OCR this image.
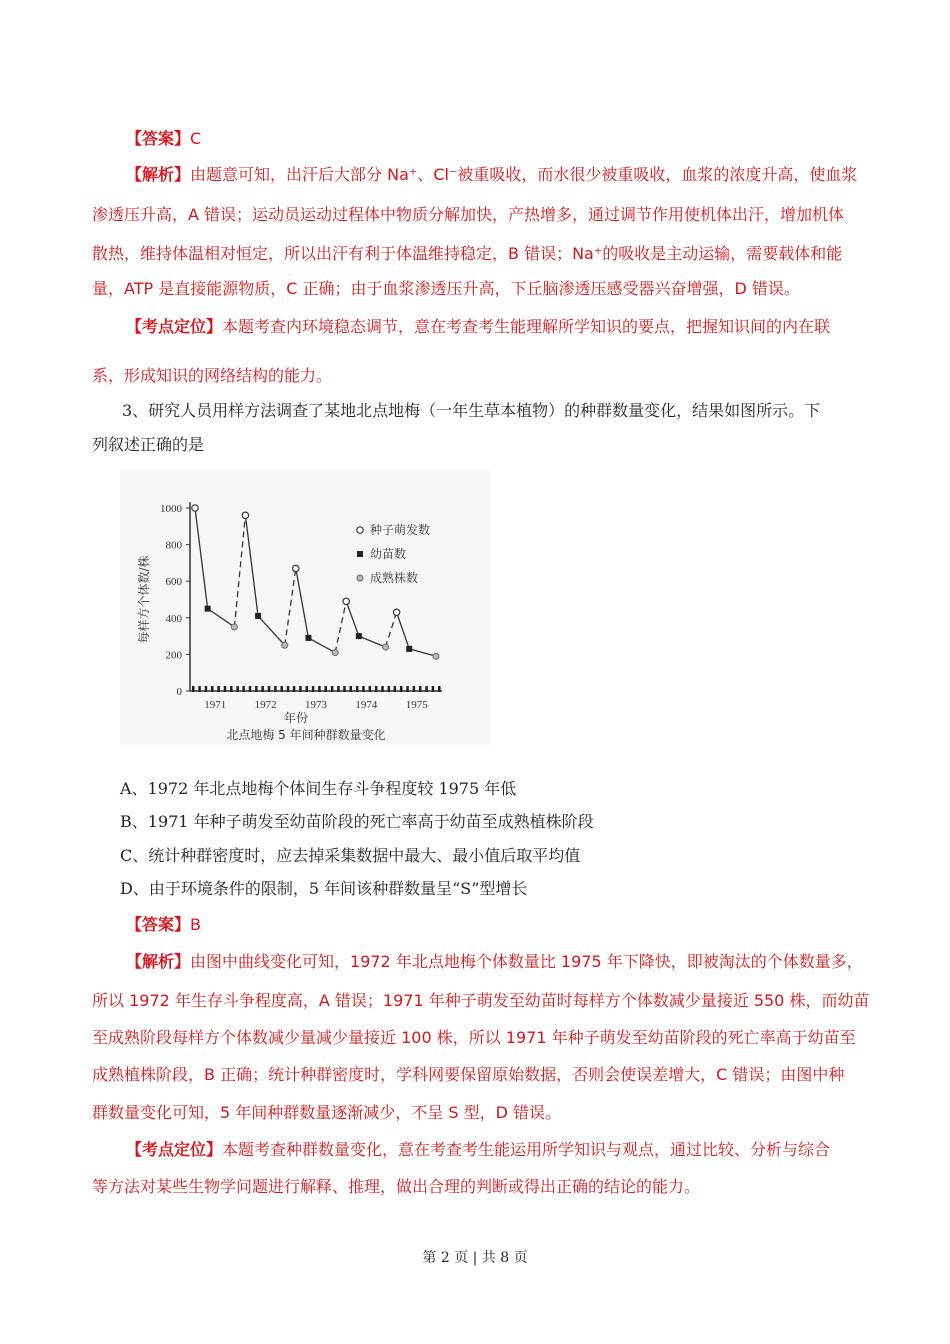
【答案】C
【解析】由题意可知，出汗后大部分 Na⁺、Cl⁻被重吸收，而水很少被重吸收，血浆的浓度升高，使血浆
渗透压升高，A 错误；运动员运动过程体中物质分解加快，产热增多，通过调节作用使机体出汗，增加机体
散热，维持体温相对恒定，所以出汗有利于体温维持稳定，B 错误；Na⁺的吸收是主动运输，需要载体和能
量，ATP 是直接能源物质，C 正确；由于血浆渗透压升高，下丘脑渗透压感受器兴奋增强，D 错误。
【考点定位】本题考查内环境稳态调节，意在考查考生能理解所学知识的要点，把握知识间的内在联
系，形成知识的网络结构的能力。
3、研究人员用样方法调查了某地北点地梅（一年生草本植物）的种群数量变化，结果如图所示。下
列叙述正确的是
0
200
400
600
800
1000
1971	1972	1973	1974	1975
每样方个体数/株
年份
北点地梅 5 年间种群数量变化
种子萌发数
幼苗数
成熟株数
A、1972 年北点地梅个体间生存斗争程度较 1975 年低
B、1971 年种子萌发至幼苗阶段的死亡率高于幼苗至成熟植株阶段
C、统计种群密度时，应去掉采集数据中最大、最小值后取平均值
D、由于环境条件的限制，5 年间该种群数量呈“S”型增长
【答案】B
【解析】由图中曲线变化可知，1972 年北点地梅个体数量比 1975 年下降快，即被淘汰的个体数量多，
所以 1972 年生存斗争程度高，A 错误；1971 年种子萌发至幼苗时每样方个体数减少量接近 550 株，而幼苗
至成熟阶段每样方个体数减少量减少量接近 100 株，所以 1971 年种子萌发至幼苗阶段的死亡率高于幼苗至
成熟植株阶段，B 正确；统计种群密度时，学科网要保留原始数据，否则会使误差增大，C 错误；由图中种
群数量变化可知，5 年间种群数量逐渐减少，不呈 S 型，D 错误。
【考点定位】本题考查种群数量变化，意在考查考生能运用所学知识与观点，通过比较、分析与综合
等方法对某些生物学问题进行解释、推理，做出合理的判断或得出正确的结论的能力。
第 2 页 | 共 8 页
